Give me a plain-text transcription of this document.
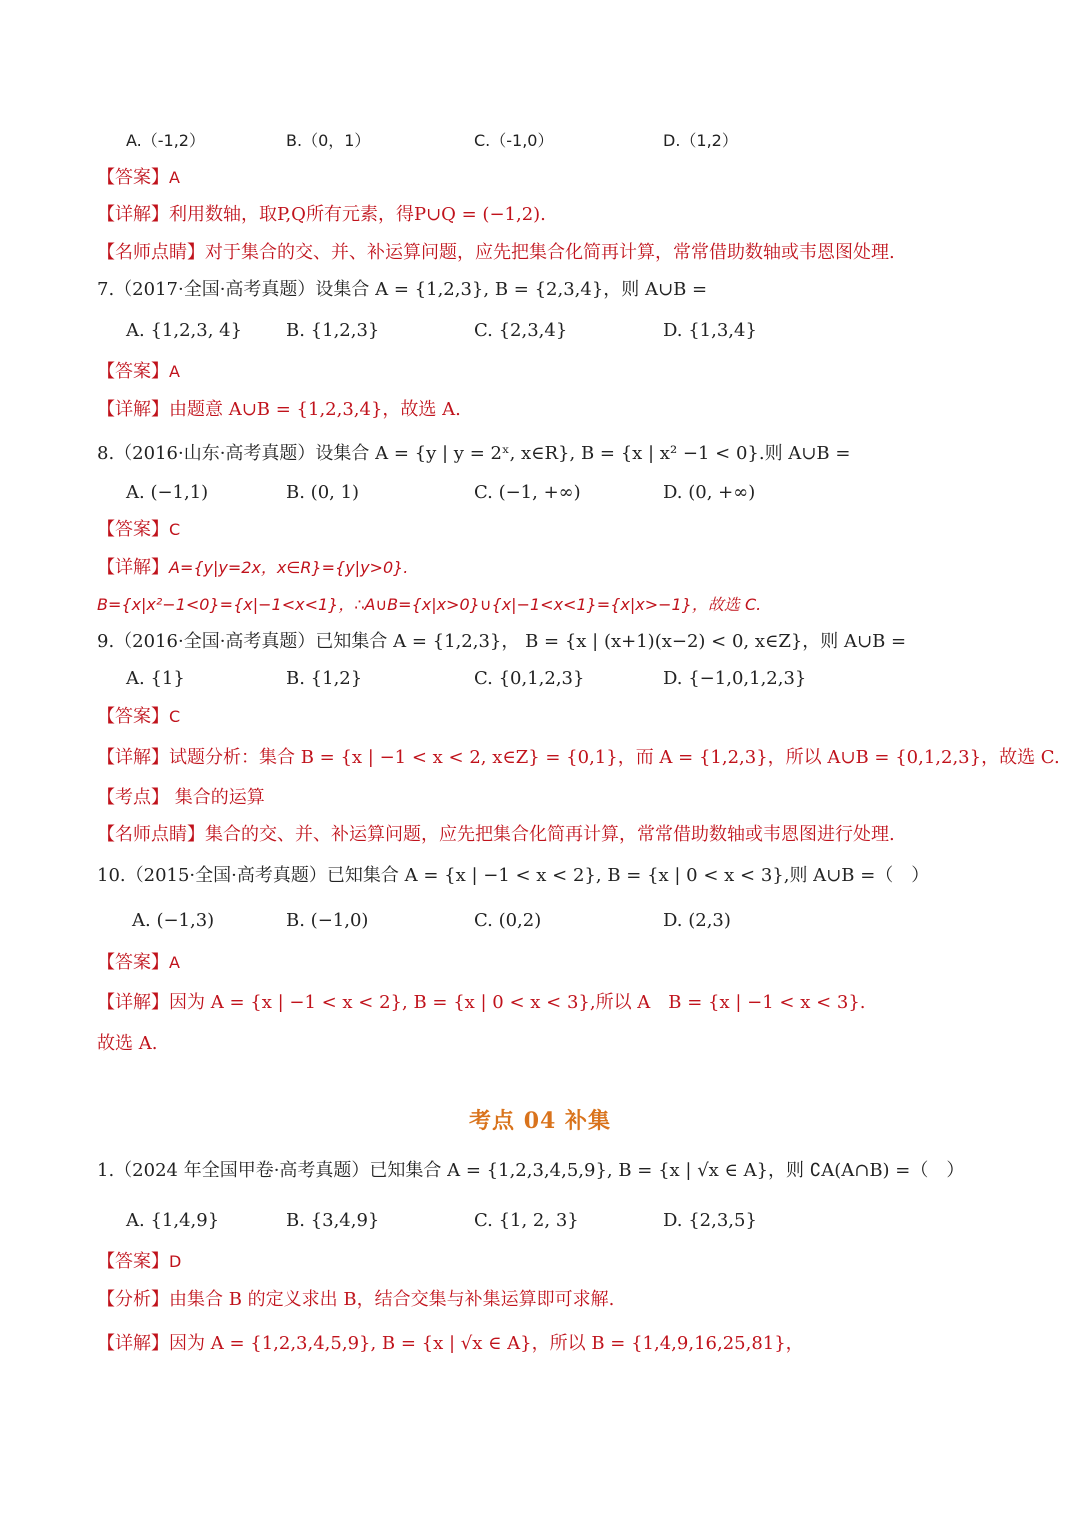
A.（-1,2）	B.（0，1）	C.（-1,0）	D.（1,2）
【答案】A
【详解】利用数轴，取P,Q所有元素，得P∪Q = (−1,2).
【名师点睛】对于集合的交、并、补运算问题，应先把集合化简再计算，常常借助数轴或韦恩图处理.
7.（2017·全国·高考真题）设集合 A = {1,2,3}, B = {2,3,4}，则 A∪B =
A. {1,2,3, 4} B. {1,2,3}	C. {2,3,4}	D. {1,3,4}
【答案】A
【详解】由题意 A∪B = {1,2,3,4}，故选 A.
8.（2016·山东·高考真题）设集合 A = {y | y = 2ˣ, x∈R}, B = {x | x² −1 < 0}.则 A∪B =
A. (−1,1)	B. (0, 1)	C. (−1, +∞)	D. (0, +∞)
【答案】C
【详解】A={y|y=2x，x∈R}={y|y>0}.
B={x|x²−1<0}={x|−1<x<1}，∴A∪B={x|x>0}∪{x|−1<x<1}={x|x>−1}，故选 C.
9.（2016·全国·高考真题）已知集合 A = {1,2,3}， B = {x | (x+1)(x−2) < 0, x∈Z}，则 A∪B =
A. {1}	B. {1,2}	C. {0,1,2,3}	D. {−1,0,1,2,3}
【答案】C
【详解】试题分析：集合 B = {x | −1 < x < 2, x∈Z} = {0,1}，而 A = {1,2,3}，所以 A∪B = {0,1,2,3}，故选 C.
【考点】 集合的运算
【名师点睛】集合的交、并、补运算问题，应先把集合化简再计算，常常借助数轴或韦恩图进行处理.
10.（2015·全国·高考真题）已知集合 A = {x | −1 < x < 2}, B = {x | 0 < x < 3},则 A∪B =（　）
A. (−1,3)	B. (−1,0)	C. (0,2)	D. (2,3)
【答案】A
【详解】因为 A = {x | −1 < x < 2}, B = {x | 0 < x < 3},所以 A　B = {x | −1 < x < 3}.
故选 A.
考点 04 补集
1.（2024 年全国甲卷·高考真题）已知集合 A = {1,2,3,4,5,9}, B = {x | √x ∈ A}，则 ∁A(A∩B) =（　）
A. {1,4,9}	B. {3,4,9}	C. {1, 2, 3}	D. {2,3,5}
【答案】D
【分析】由集合 B 的定义求出 B，结合交集与补集运算即可求解.
【详解】因为 A = {1,2,3,4,5,9}, B = {x | √x ∈ A}，所以 B = {1,4,9,16,25,81}，
